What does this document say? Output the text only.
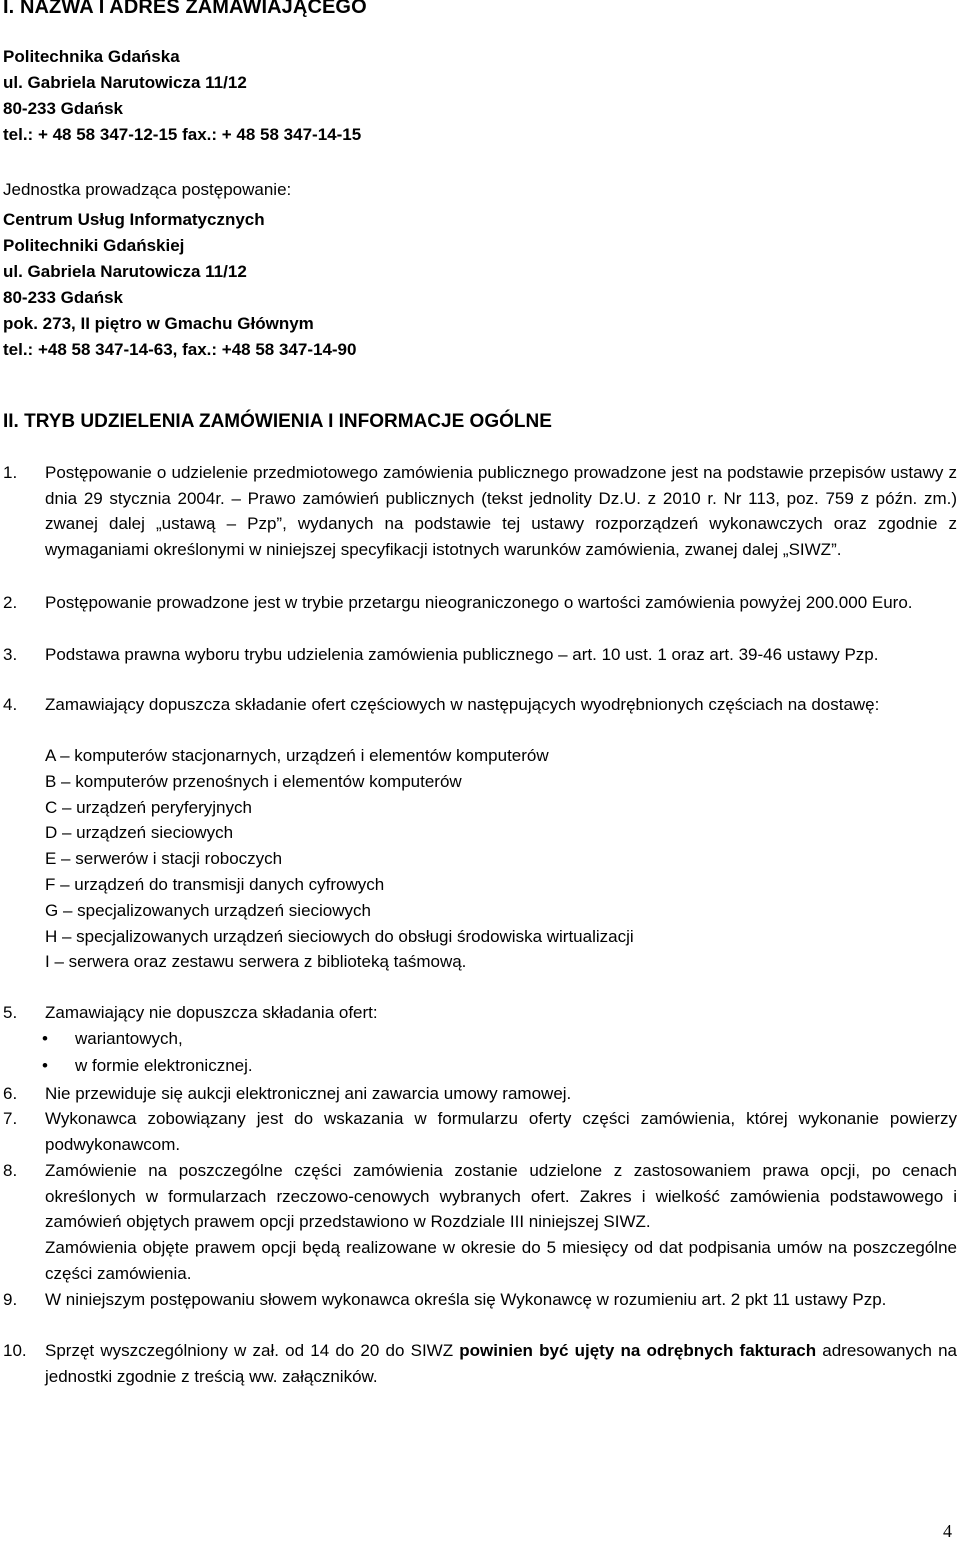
I. NAZWA I ADRES ZAMAWIAJĄCEGO
Politechnika Gdańska
ul. Gabriela Narutowicza 11/12
80-233 Gdańsk
tel.: + 48 58 347-12-15 fax.: + 48 58 347-14-15
Jednostka prowadząca postępowanie:
Centrum Usług Informatycznych
Politechniki Gdańskiej
ul. Gabriela Narutowicza 11/12
80-233 Gdańsk
pok. 273, II piętro w Gmachu Głównym
tel.: +48 58 347-14-63, fax.: +48 58 347-14-90
II. TRYB UDZIELENIA ZAMÓWIENIA I INFORMACJE OGÓLNE
1. Postępowanie o udzielenie przedmiotowego zamówienia publicznego prowadzone jest na podstawie przepisów ustawy z dnia 29 stycznia 2004r. – Prawo zamówień publicznych (tekst jednolity Dz.U. z 2010 r. Nr 113, poz. 759 z późn. zm.) zwanej dalej „ustawą – Pzp”, wydanych na podstawie tej ustawy rozporządzeń wykonawczych oraz zgodnie z wymaganiami określonymi w niniejszej specyfikacji istotnych warunków zamówienia, zwanej dalej „SIWZ”.
2. Postępowanie prowadzone jest w trybie przetargu nieograniczonego o wartości zamówienia powyżej 200.000 Euro.
3. Podstawa prawna wyboru trybu udzielenia zamówienia publicznego – art. 10 ust. 1 oraz art. 39-46 ustawy Pzp.
4. Zamawiający dopuszcza składanie ofert częściowych w następujących wyodrębnionych częściach na dostawę:
A – komputerów stacjonarnych, urządzeń i elementów komputerów
B – komputerów przenośnych i elementów komputerów
C – urządzeń peryferyjnych
D – urządzeń sieciowych
E – serwerów i stacji roboczych
F – urządzeń do transmisji danych cyfrowych
G – specjalizowanych urządzeń sieciowych
H – specjalizowanych urządzeń sieciowych do obsługi środowiska wirtualizacji
I – serwera oraz zestawu serwera z biblioteką taśmową.
5. Zamawiający nie dopuszcza składania ofert:
• wariantowych,
• w formie elektronicznej.
6. Nie przewiduje się aukcji elektronicznej ani zawarcia umowy ramowej.
7. Wykonawca zobowiązany jest do wskazania w formularzu oferty części zamówienia, której wykonanie powierzy podwykonawcom.
8. Zamówienie na poszczególne części zamówienia zostanie udzielone z zastosowaniem prawa opcji, po cenach określonych w formularzach rzeczowo-cenowych wybranych ofert. Zakres i wielkość zamówienia podstawowego i zamówień objętych prawem opcji przedstawiono w Rozdziale III niniejszej SIWZ.
Zamówienia objęte prawem opcji będą realizowane w okresie do 5 miesięcy od dat podpisania umów na poszczególne części zamówienia.
9. W niniejszym postępowaniu słowem wykonawca określa się Wykonawcę w rozumieniu art. 2 pkt 11 ustawy Pzp.
10. Sprzęt wyszczególniony w zał. od 14 do 20 do SIWZ powinien być ujęty na odrębnych fakturach adresowanych na jednostki zgodnie z treścią ww. załączników.
4
